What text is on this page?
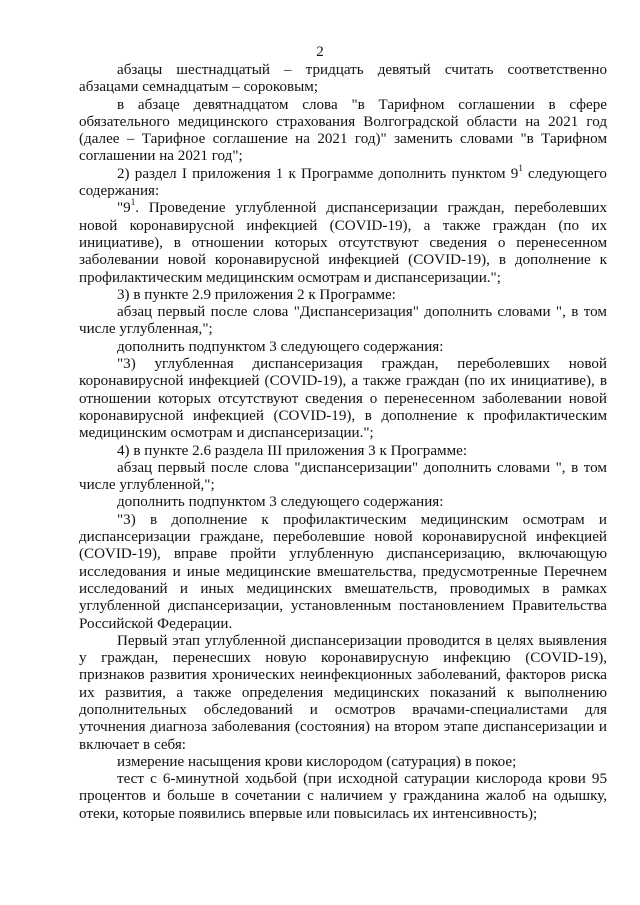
2

абзацы шестнадцатый – тридцать девятый считать соответственно абзацами семнадцатым – сороковым;

в абзаце девятнадцатом слова "в Тарифном соглашении в сфере обязательного медицинского страхования Волгоградской области на 2021 год (далее – Тарифное соглашение на 2021 год)" заменить словами "в Тарифном соглашении на 2021 год";

2) раздел I приложения 1 к Программе дополнить пунктом $9^1$ следующего содержания:

"$9^1$. Проведение углубленной диспансеризации граждан, переболевших новой коронавирусной инфекцией (COVID-19), а также граждан (по их инициативе), в отношении которых отсутствуют сведения о перенесенном заболевании новой коронавирусной инфекцией (COVID-19), в дополнение к профилактическим медицинским осмотрам и диспансеризации.";

3) в пункте 2.9 приложения 2 к Программе:

абзац первый после слова "Диспансеризация" дополнить словами ", в том числе углубленная,";

дополнить подпунктом 3 следующего содержания:

"3) углубленная диспансеризация граждан, переболевших новой коронавирусной инфекцией (COVID-19), а также граждан (по их инициативе), в отношении которых отсутствуют сведения о перенесенном заболевании новой коронавирусной инфекцией (COVID-19), в дополнение к профилактическим медицинским осмотрам и диспансеризации.";

4) в пункте 2.6 раздела III приложения 3 к Программе:

абзац первый после слова "диспансеризации" дополнить словами ", в том числе углубленной,";

дополнить подпунктом 3 следующего содержания:

"3) в дополнение к профилактическим медицинским осмотрам и диспансеризации граждане, переболевшие новой коронавирусной инфекцией (COVID-19), вправе пройти углубленную диспансеризацию, включающую исследования и иные медицинские вмешательства, предусмотренные Перечнем исследований и иных медицинских вмешательств, проводимых в рамках углубленной диспансеризации, установленным постановлением Правительства Российской Федерации.

Первый этап углубленной диспансеризации проводится в целях выявления у граждан, перенесших новую коронавирусную инфекцию (COVID-19), признаков развития хронических неинфекционных заболеваний, факторов риска их развития, а также определения медицинских показаний к выполнению дополнительных обследований и осмотров врачами-специалистами для уточнения диагноза заболевания (состояния) на втором этапе диспансеризации и включает в себя:

измерение насыщения крови кислородом (сатурация) в покое;

тест с 6-минутной ходьбой (при исходной сатурации кислорода крови 95 процентов и больше в сочетании с наличием у гражданина жалоб на одышку, отеки, которые появились впервые или повысилась их интенсивность);
